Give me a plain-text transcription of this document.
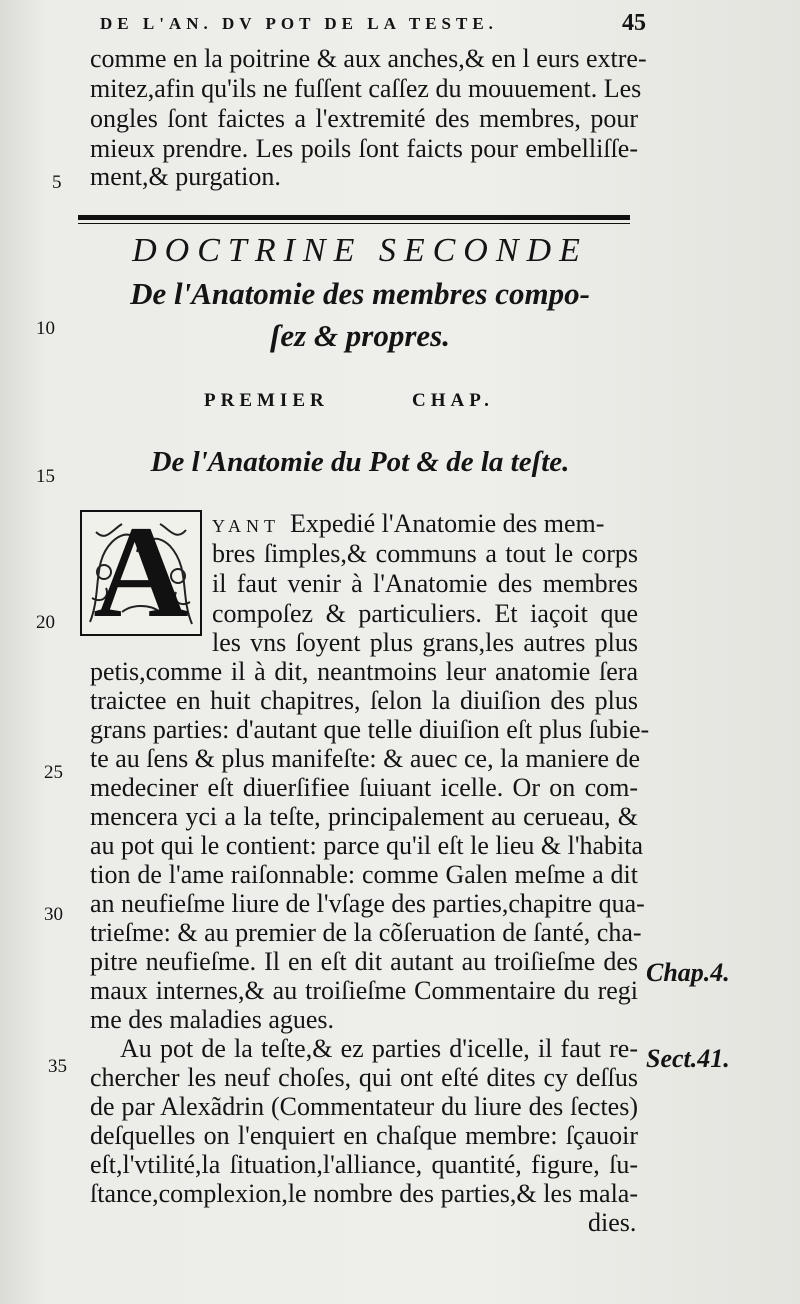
DE L'AN. DV POT DE LA TESTE.	45
comme en la poitrine & aux anches,& en l eurs extre-
mitez,afin qu'ils ne fuſſent caſſez du mouuement. Les
ongles ſont faictes a l'extremité des membres, pour
mieux prendre. Les poils ſont faicts pour embelliſſe-
ment,& purgation.
5
DOCTRINE SECONDE
De l'Anatomie des membres compo-
ſez & propres.
10
PREMIER	CHAP.
De l'Anatomie du Pot & de la teſte.
15
A	YANT Expedié l'Anatomie des mem-
bres ſimples,& communs a tout le corps
il faut venir à l'Anatomie des membres
compoſez & particuliers. Et iaçoit que
les vns ſoyent plus grans,les autres plus
20
petis,comme il à dit, neantmoins leur anatomie ſera
traictee en huit chapitres, ſelon la diuiſion des plus
grans parties: d'autant que telle diuiſion eſt plus ſubie-
te au ſens & plus manifeſte: & auec ce, la maniere de
medeciner eſt diuerſifiee ſuiuant icelle. Or on com-
25
mencera yci a la teſte, principalement au cerueau, &
au pot qui le contient: parce qu'il eſt le lieu & l'habita
tion de l'ame raiſonnable: comme Galen meſme a dit
an neufieſme liure de l'vſage des parties,chapitre qua-
30
trieſme: & au premier de la cõſeruation de ſanté, cha-
pitre neufieſme. Il en eſt dit autant au troiſieſme des
maux internes,& au troiſieſme Commentaire du regi
me des maladies agues.
Au pot de la teſte,& ez parties d'icelle, il faut re-
chercher les neuf choſes, qui ont eſté dites cy deſſus
35
de par Alexãdrin (Commentateur du liure des ſectes)
deſquelles on l'enquiert en chaſque membre: ſçauoir
eſt,l'vtilité,la ſituation,l'alliance, quantité, figure, ſu-
ſtance,complexion,le nombre des parties,& les mala-
dies.
Chap.4.
Sect.41.
